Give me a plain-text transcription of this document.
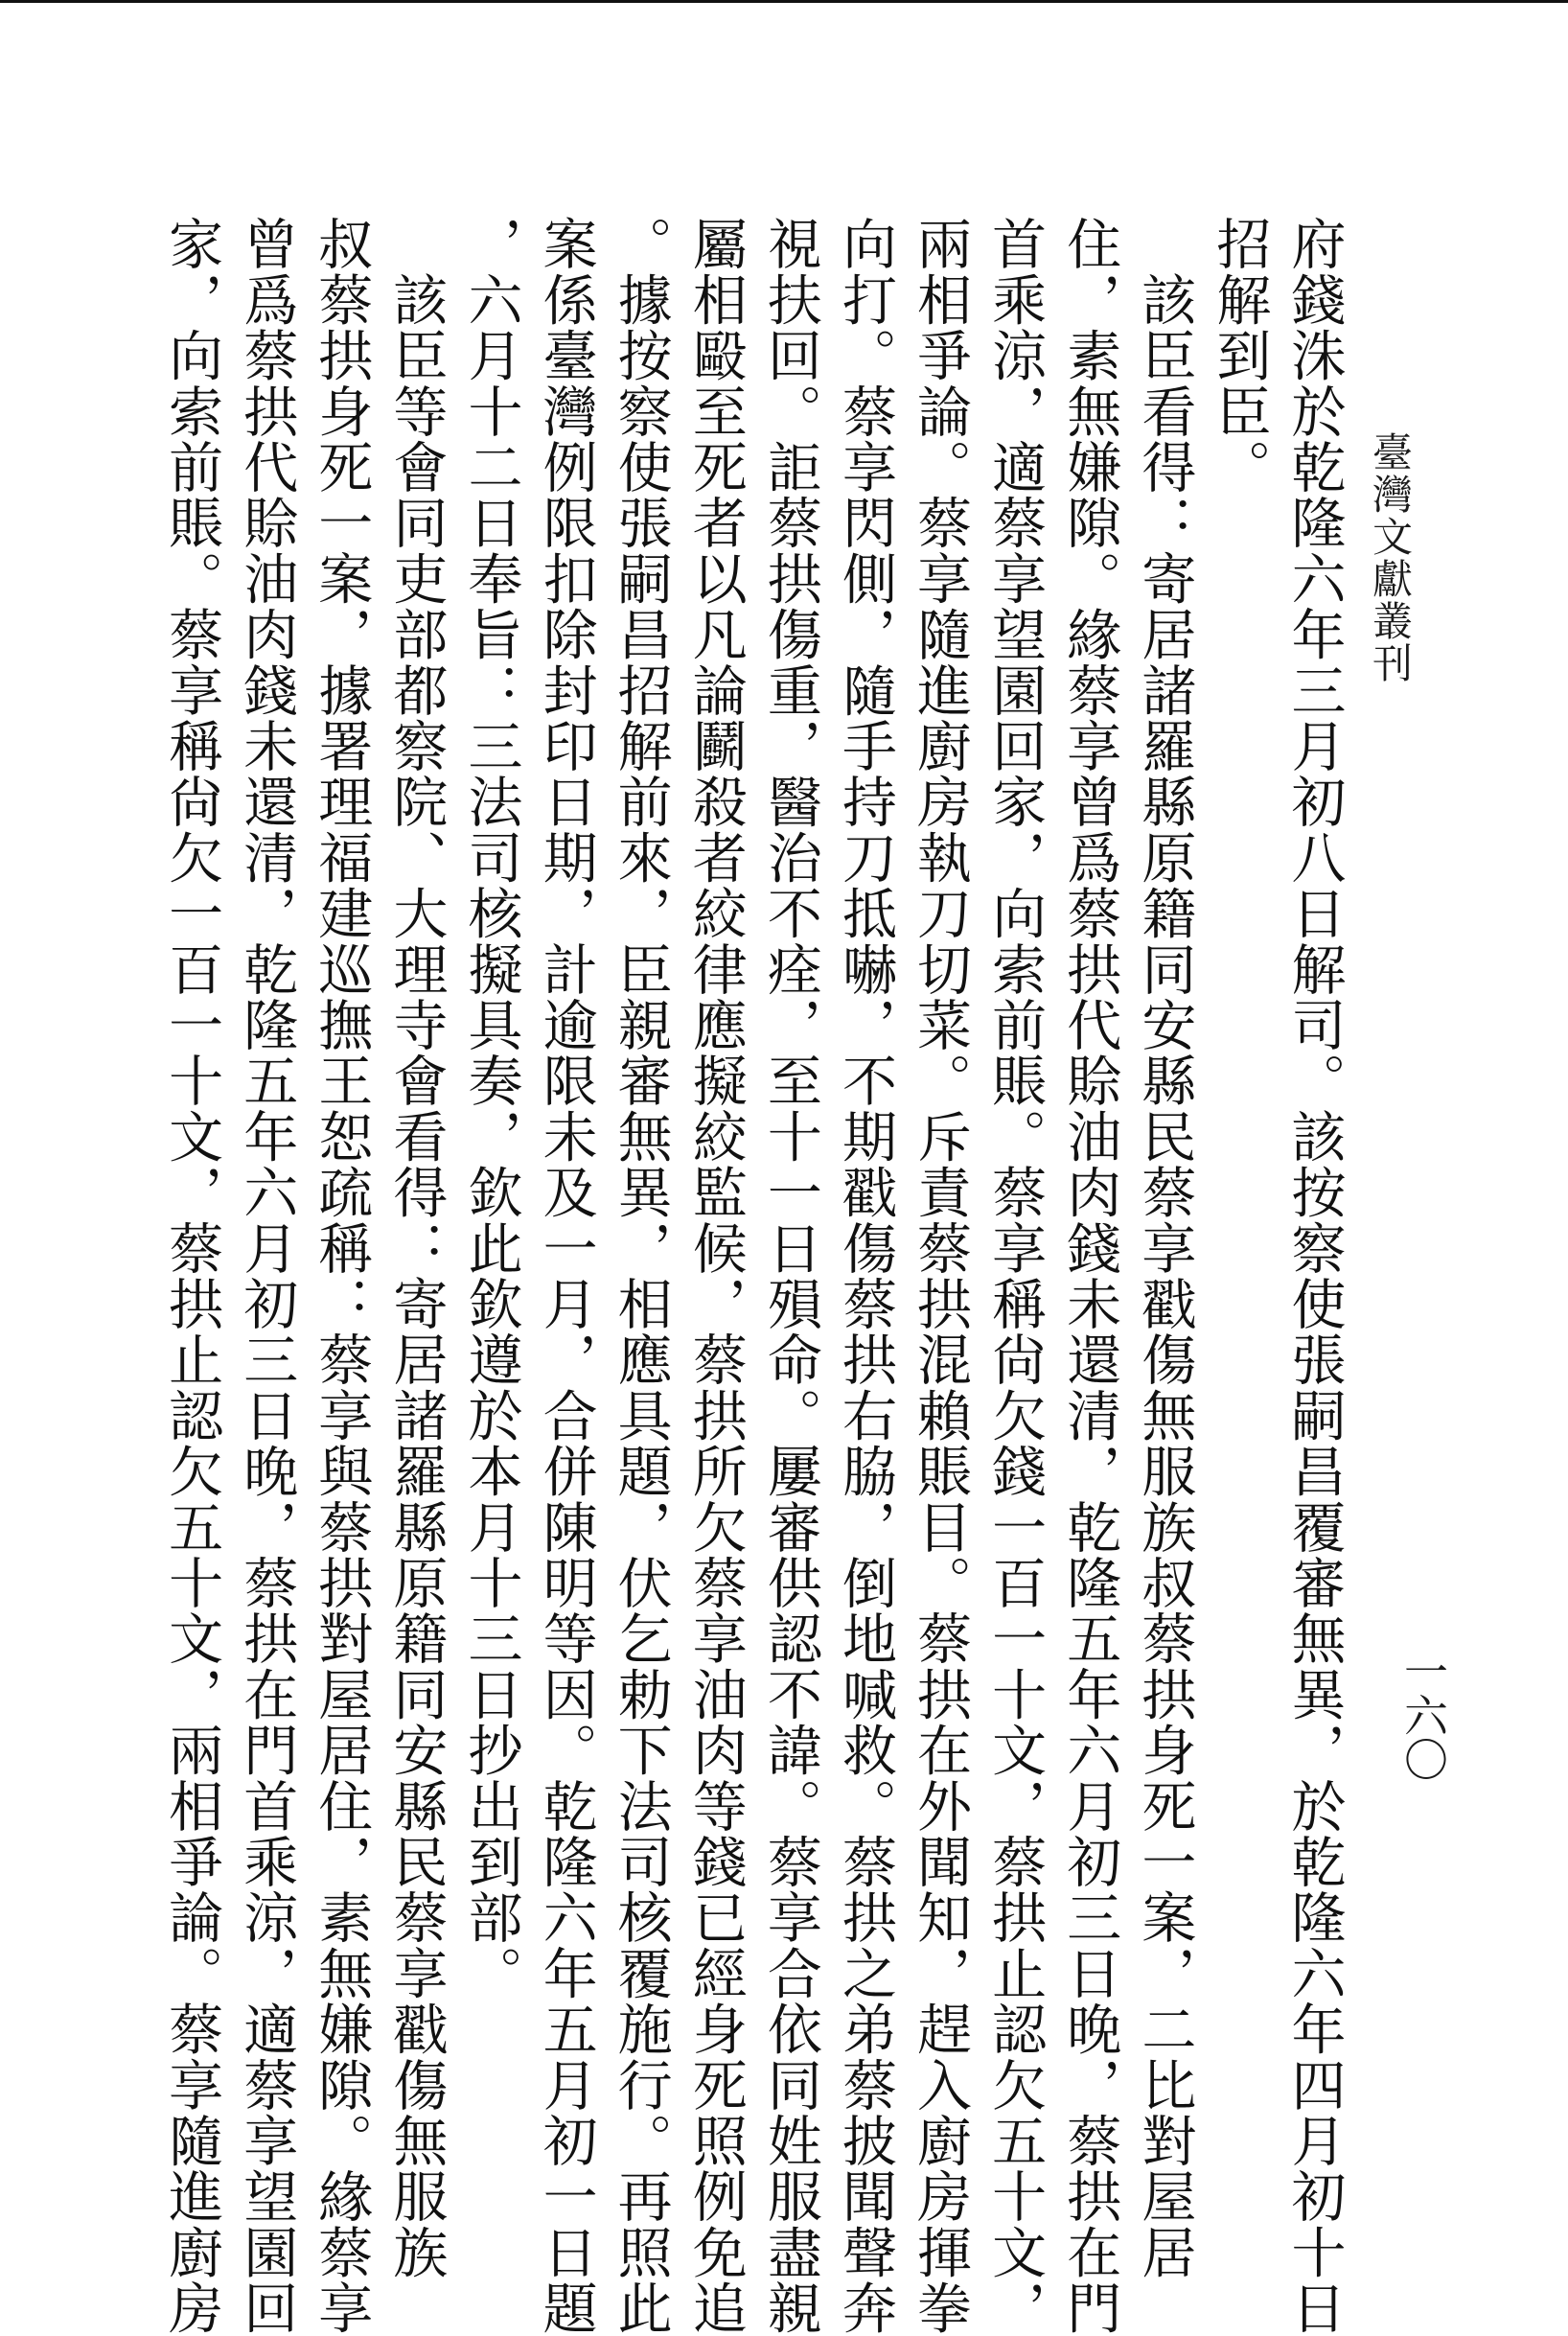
臺灣文獻叢刊
一六〇
府錢洙於乾隆六年三月初八日解司。該按察使張嗣昌覆審無異，於乾隆六年四月初十日
招解到臣。
　該臣看得：寄居諸羅縣原籍同安縣民蔡享戳傷無服族叔蔡拱身死一案，二比對屋居
住，素無嫌隙。緣蔡享曾爲蔡拱代賒油肉錢未還清，乾隆五年六月初三日晚，蔡拱在門
首乘涼，適蔡享望園回家，向索前賬。蔡享稱尙欠錢一百一十文，蔡拱止認欠五十文，
兩相爭論。蔡享隨進廚房執刀切菜。斥責蔡拱混賴賬目。蔡拱在外聞知，趕入廚房揮拳
向打。蔡享閃側，隨手持刀抵嚇，不期戳傷蔡拱右脇，倒地喊救。蔡拱之弟蔡披聞聲奔
視扶回。詎蔡拱傷重，醫治不痊，至十一日殞命。屢審供認不諱。蔡享合依同姓服盡親
屬相毆至死者以凡論鬬殺者絞律應擬絞監候，蔡拱所欠蔡享油肉等錢已經身死照例免追
。據按察使張嗣昌招解前來，臣親審無異，相應具題，伏乞勅下法司核覆施行。再照此
案係臺灣例限扣除封印日期，計逾限未及一月，合併陳明等因。乾隆六年五月初一日題
，六月十二日奉旨：三法司核擬具奏，欽此欽遵於本月十三日抄出到部。
　該臣等會同吏部都察院、大理寺會看得：寄居諸羅縣原籍同安縣民蔡享戳傷無服族
叔蔡拱身死一案，據署理福建巡撫王恕疏稱：蔡享與蔡拱對屋居住，素無嫌隙。緣蔡享
曾爲蔡拱代賒油肉錢未還清，乾隆五年六月初三日晚，蔡拱在門首乘涼，適蔡享望園回
家，向索前賬。蔡享稱尙欠一百一十文，蔡拱止認欠五十文，兩相爭論。蔡享隨進廚房
